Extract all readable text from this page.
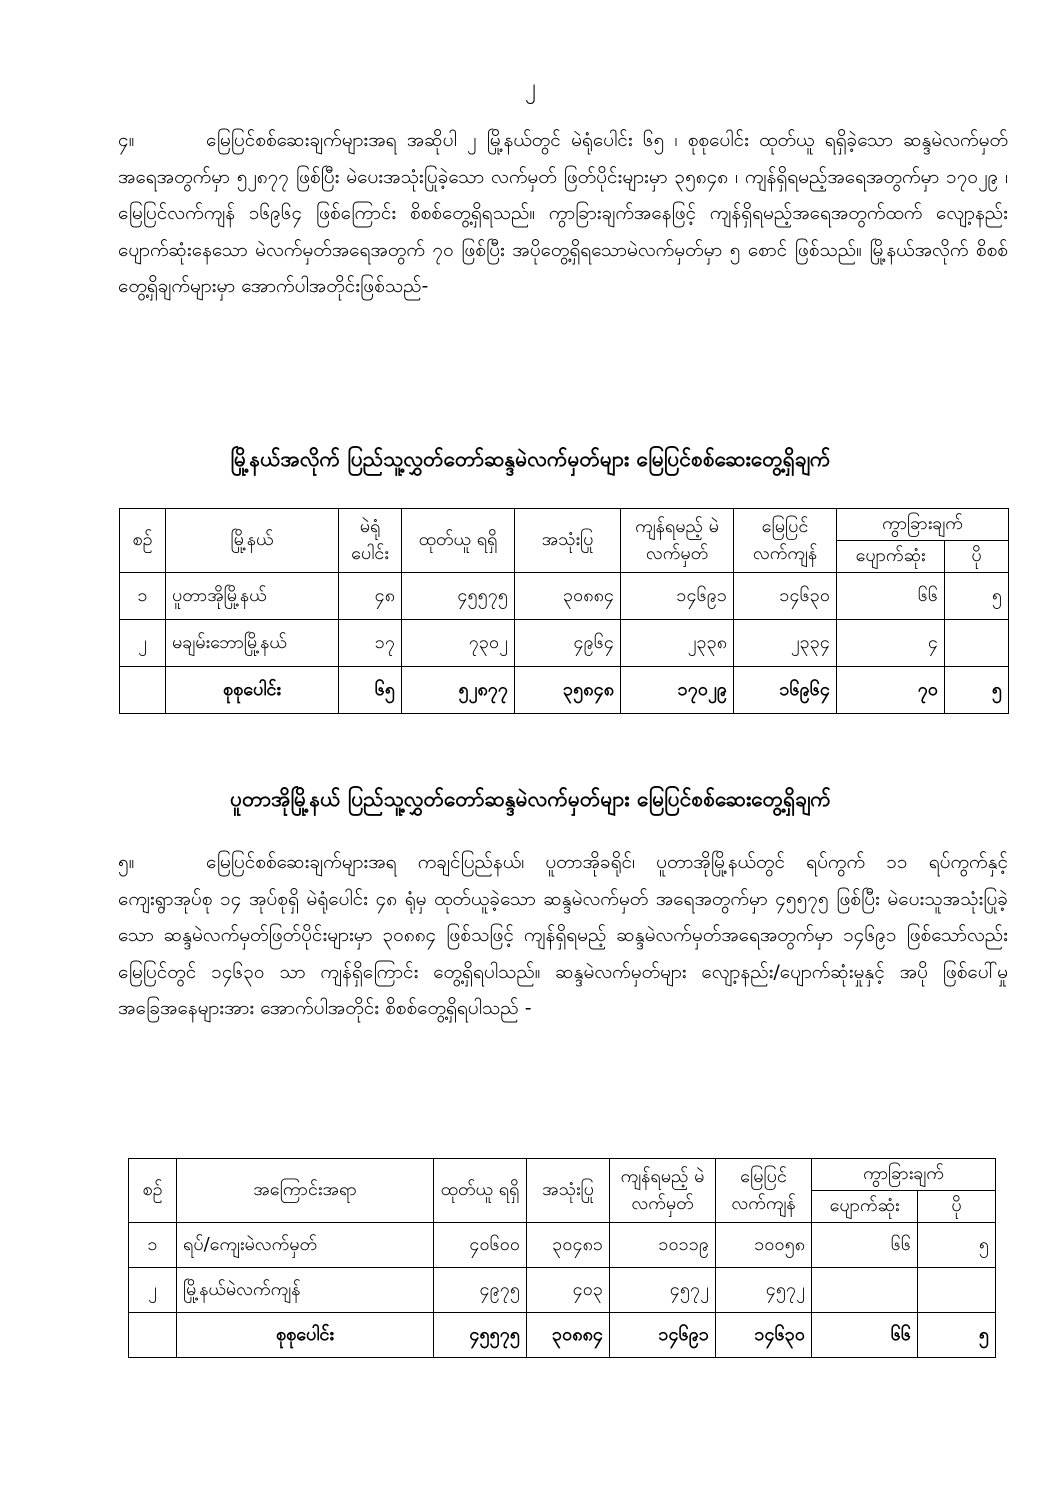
၂
၄။	မြေပြင်စစ်ဆေးချက်များအရ အဆိုပါ ၂ မြို့နယ်တွင် မဲရုံပေါင်း ၆၅ ၊ စုစုပေါင်း ထုတ်ယူ ရရှိခဲ့သော ဆန္ဒမဲလက်မှတ်အရေအတွက်မှာ ၅၂၈၇၇ ဖြစ်ပြီး မဲပေးအသုံးပြုခဲ့သော လက်မှတ် ဖြတ်ပိုင်းများမှာ ၃၅၈၄၈ ၊ ကျန်ရှိရမည့်အရေအတွက်မှာ ၁၇၀၂၉ ၊ မြေပြင်လက်ကျန် ၁၆၉၆၄ ဖြစ်ကြောင်း စိစစ်တွေ့ရှိရသည်။ ကွာခြားချက်အနေဖြင့် ကျန်ရှိရမည့်အရေအတွက်ထက် လျော့နည်း ပျောက်ဆုံးနေသော မဲလက်မှတ်အရေအတွက် ၇၀ ဖြစ်ပြီး အပိုတွေ့ရှိရသောမဲလက်မှတ်မှာ ၅ စောင် ဖြစ်သည်။ မြို့နယ်အလိုက် စိစစ်တွေ့ရှိချက်များမှာ အောက်ပါအတိုင်းဖြစ်သည်-
မြို့နယ်အလိုက် ပြည်သူ့လွှတ်တော်ဆန္ဒမဲလက်မှတ်များ မြေပြင်စစ်ဆေးတွေ့ရှိချက်
စဉ်	မြို့နယ်	မဲရုံ ပေါင်း	ထုတ်ယူ ရရှိ	အသုံးပြု	ကျန်ရမည့် မဲလက်မှတ်	မြေပြင် လက်ကျန်	ကွာခြားချက်	
							ပျောက်ဆုံး	ပို
၁	ပူတာအိုမြို့နယ်	၄၈	၄၅၅၇၅	၃၀၈၈၄	၁၄၆၉၁	၁၄၆၃၀	၆၆	၅
၂	မချမ်းဘောမြို့နယ်	၁၇	၇၃၀၂	၄၉၆၄	၂၃၃၈	၂၃၃၄	၄	
	စုစုပေါင်း	၆၅	၅၂၈၇၇	၃၅၈၄၈	၁၇၀၂၉	၁၆၉၆၄	၇၀	၅
ပူတာအိုမြို့နယ် ပြည်သူ့လွှတ်တော်ဆန္ဒမဲလက်မှတ်များ မြေပြင်စစ်ဆေးတွေ့ရှိချက်
၅။	မြေပြင်စစ်ဆေးချက်များအရ ကချင်ပြည်နယ်၊ ပူတာအိုခရိုင်၊ ပူတာအိုမြို့နယ်တွင် ရပ်ကွက် ၁၁ ရပ်ကွက်နှင့် ကျေးရွာအုပ်စု ၁၄ အုပ်စုရှိ မဲရုံပေါင်း ၄၈ ရုံမှ ထုတ်ယူခဲ့သော ဆန္ဒမဲလက်မှတ် အရေအတွက်မှာ ၄၅၅၇၅ ဖြစ်ပြီး မဲပေးသူအသုံးပြုခဲ့သော ဆန္ဒမဲလက်မှတ်ဖြတ်ပိုင်းများမှာ ၃၀၈၈၄ ဖြစ်သဖြင့် ကျန်ရှိရမည့် ဆန္ဒမဲလက်မှတ်အရေအတွက်မှာ ၁၄၆၉၁ ဖြစ်သော်လည်း မြေပြင်တွင် ၁၄၆၃၀ သာ ကျန်ရှိကြောင်း တွေ့ရှိရပါသည်။ ဆန္ဒမဲလက်မှတ်များ လျော့နည်း/ပျောက်ဆုံးမှုနှင့် အပို ဖြစ်ပေါ်မှုအခြေအနေများအား အောက်ပါအတိုင်း စိစစ်တွေ့ရှိရပါသည် -
စဉ်	အကြောင်းအရာ	ထုတ်ယူ ရရှိ	အသုံးပြု	ကျန်ရမည့် မဲလက်မှတ်	မြေပြင် လက်ကျန်	ကွာခြားချက်	
						ပျောက်ဆုံး	ပို
၁	ရပ်/ကျေးမဲလက်မှတ်	၄၀၆၀၀	၃၀၄၈၁	၁၀၁၁၉	၁၀၀၅၈	၆၆	၅
၂	မြို့နယ်မဲလက်ကျန်	၄၉၇၅	၄၀၃	၄၅၇၂	၄၅၇၂		
	စုစုပေါင်း	၄၅၅၇၅	၃၀၈၈၄	၁၄၆၉၁	၁၄၆၃၀	၆၆	၅
